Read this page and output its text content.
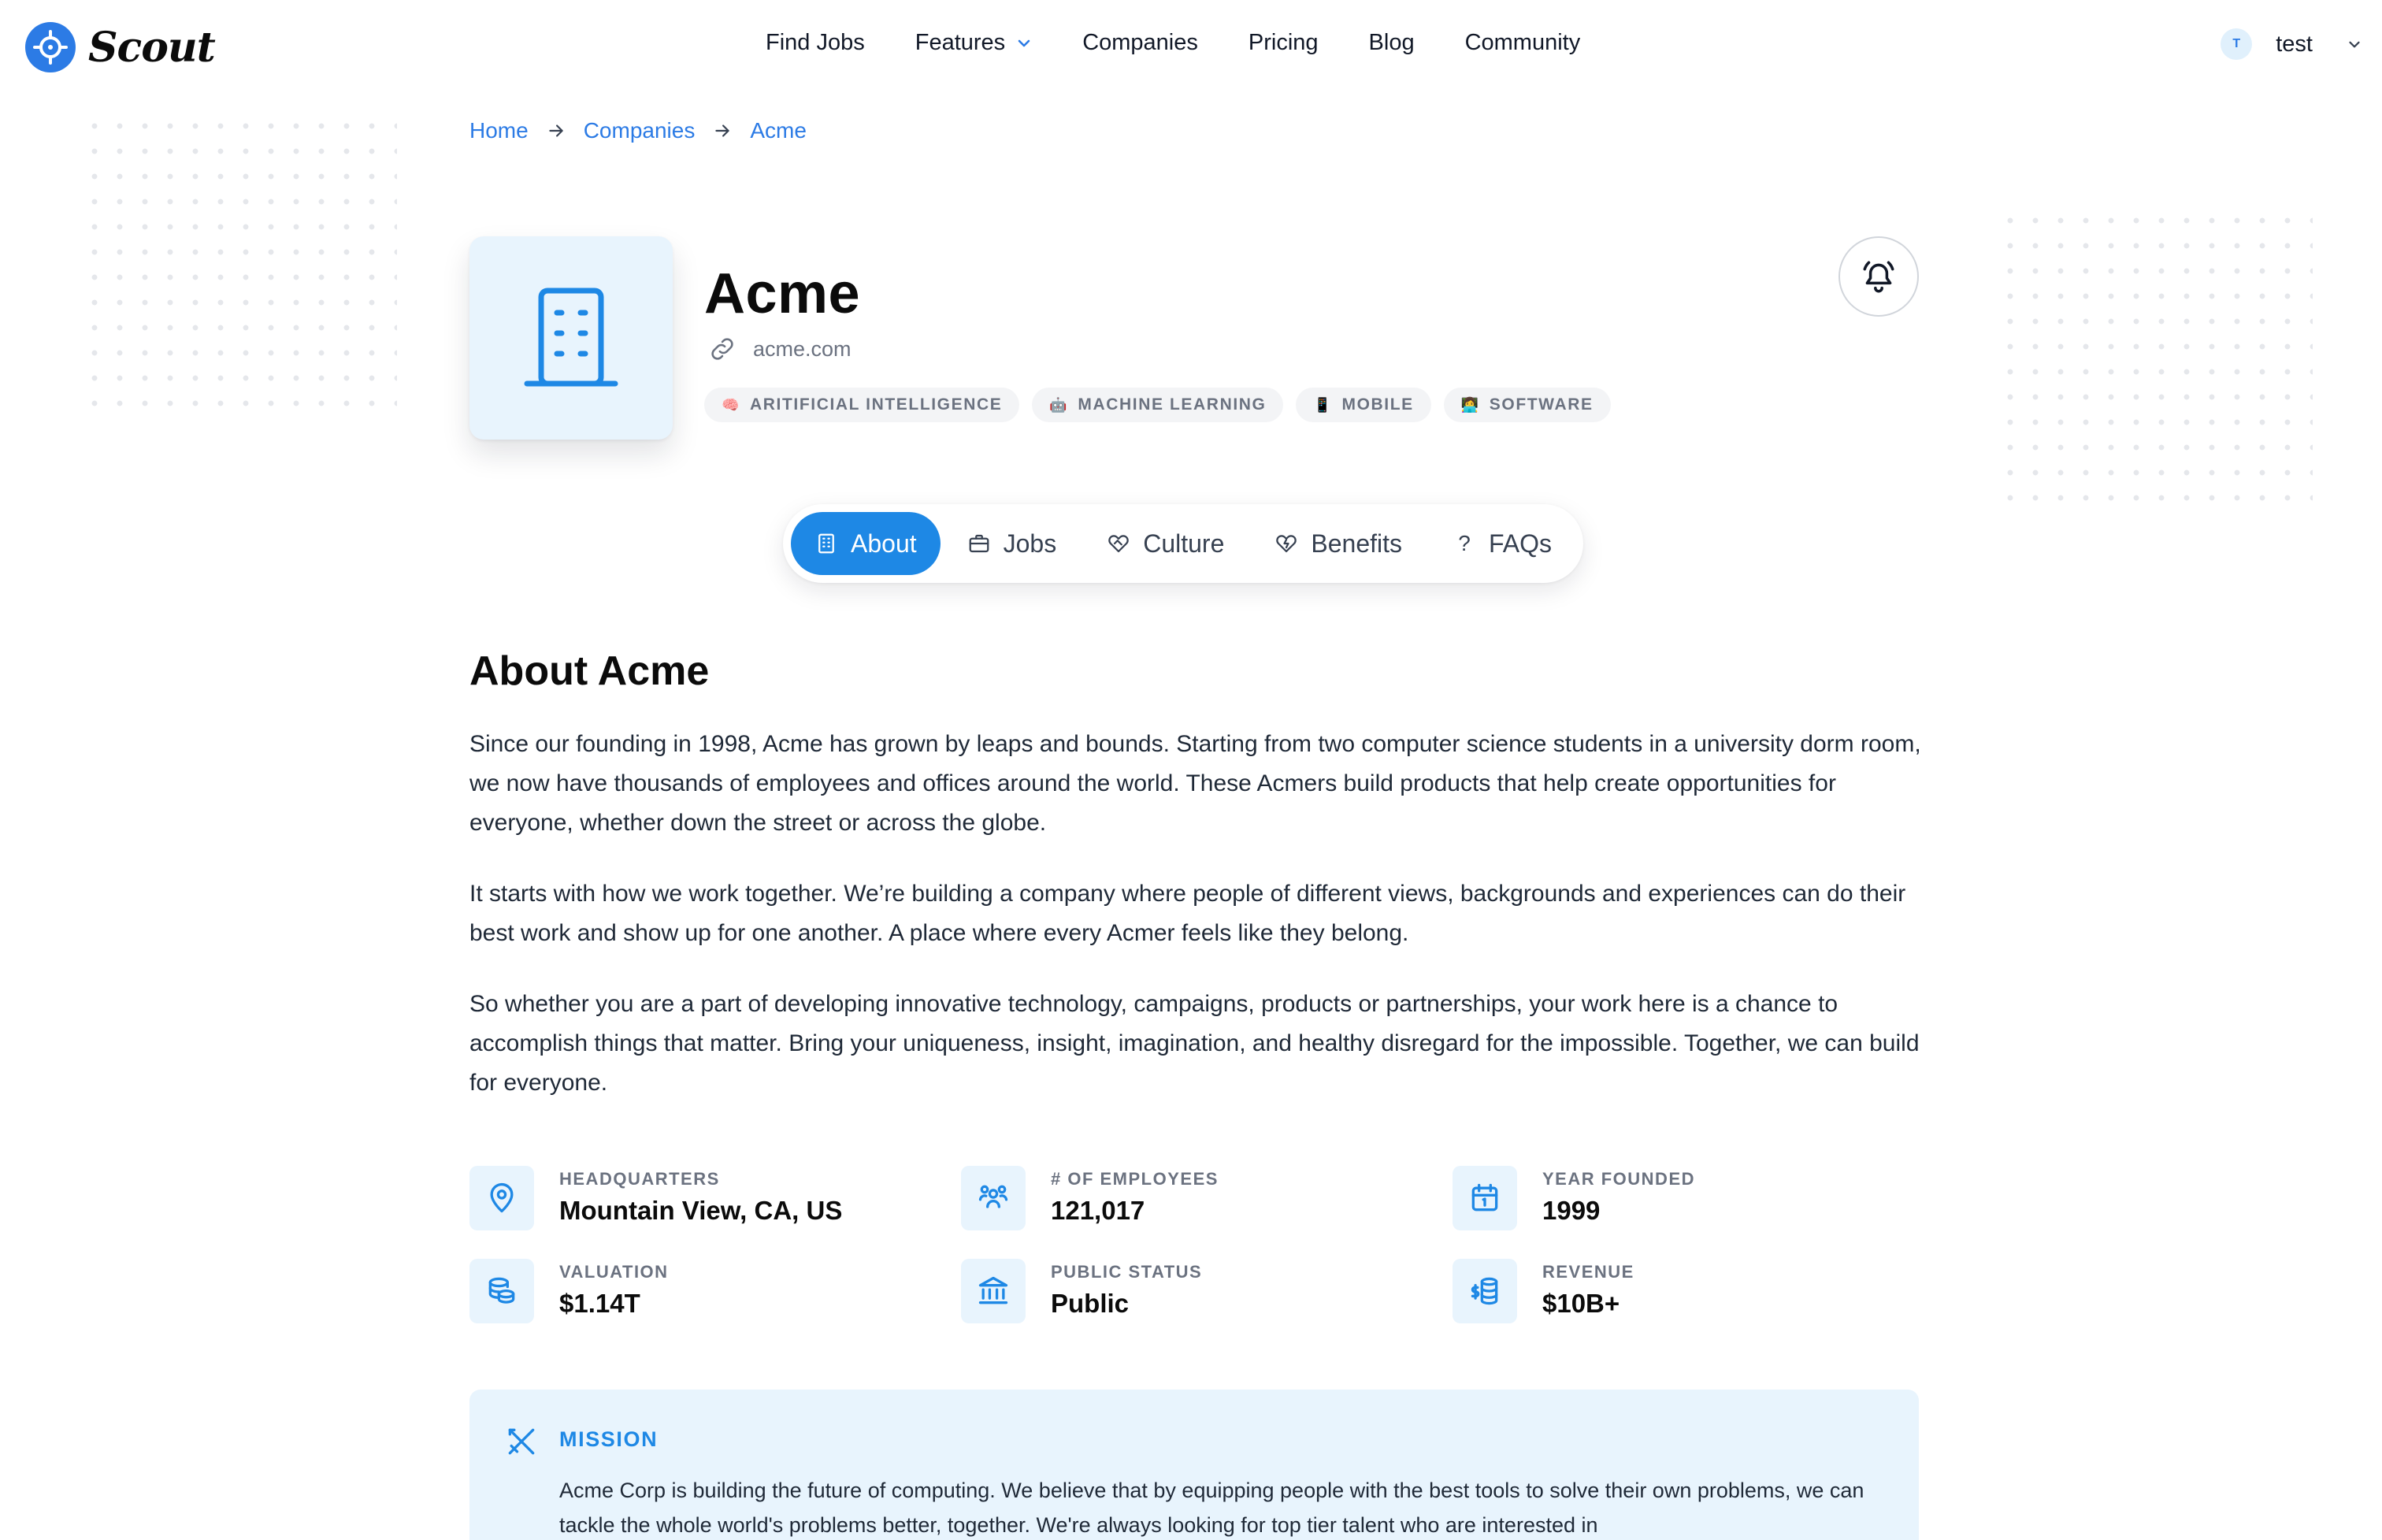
Scout	Find Jobs Features	Companies Pricing Blog Community	T	test
Home	Companies	Acme
Acme
acme.com
🧠 ARITIFICIAL INTELLIGENCE	🤖 MACHINE LEARNING	📱 MOBILE	👩‍💻 SOFTWARE
About	Jobs	Culture	Benefits	? FAQs
About Acme

Since our founding in 1998, Acme has grown by leaps and bounds. Starting from two computer science students in a university dorm room, we now have thousands of employees and offices around the world. These Acmers build products that help create opportunities for everyone, whether down the street or across the globe.

It starts with how we work together. We’re building a company where people of different views, backgrounds and experiences can do their best work and show up for one another. A place where every Acmer feels like they belong.

So whether you are a part of developing innovative technology, campaigns, products or partnerships, your work here is a chance to accomplish things that matter. Bring your uniqueness, insight, imagination, and healthy disregard for the impossible. Together, we can build for everyone.

HEADQUARTERS
Mountain View, CA, US
# OF EMPLOYEES
121,017
YEAR FOUNDED
1999
VALUATION
$1.14T
PUBLIC STATUS
Public
REVENUE
$10B+
MISSION

Acme Corp is building the future of computing. We believe that by equipping people with the best tools to solve their own problems, we can tackle the whole world's problems better, together. We're always looking for top tier talent who are interested in
